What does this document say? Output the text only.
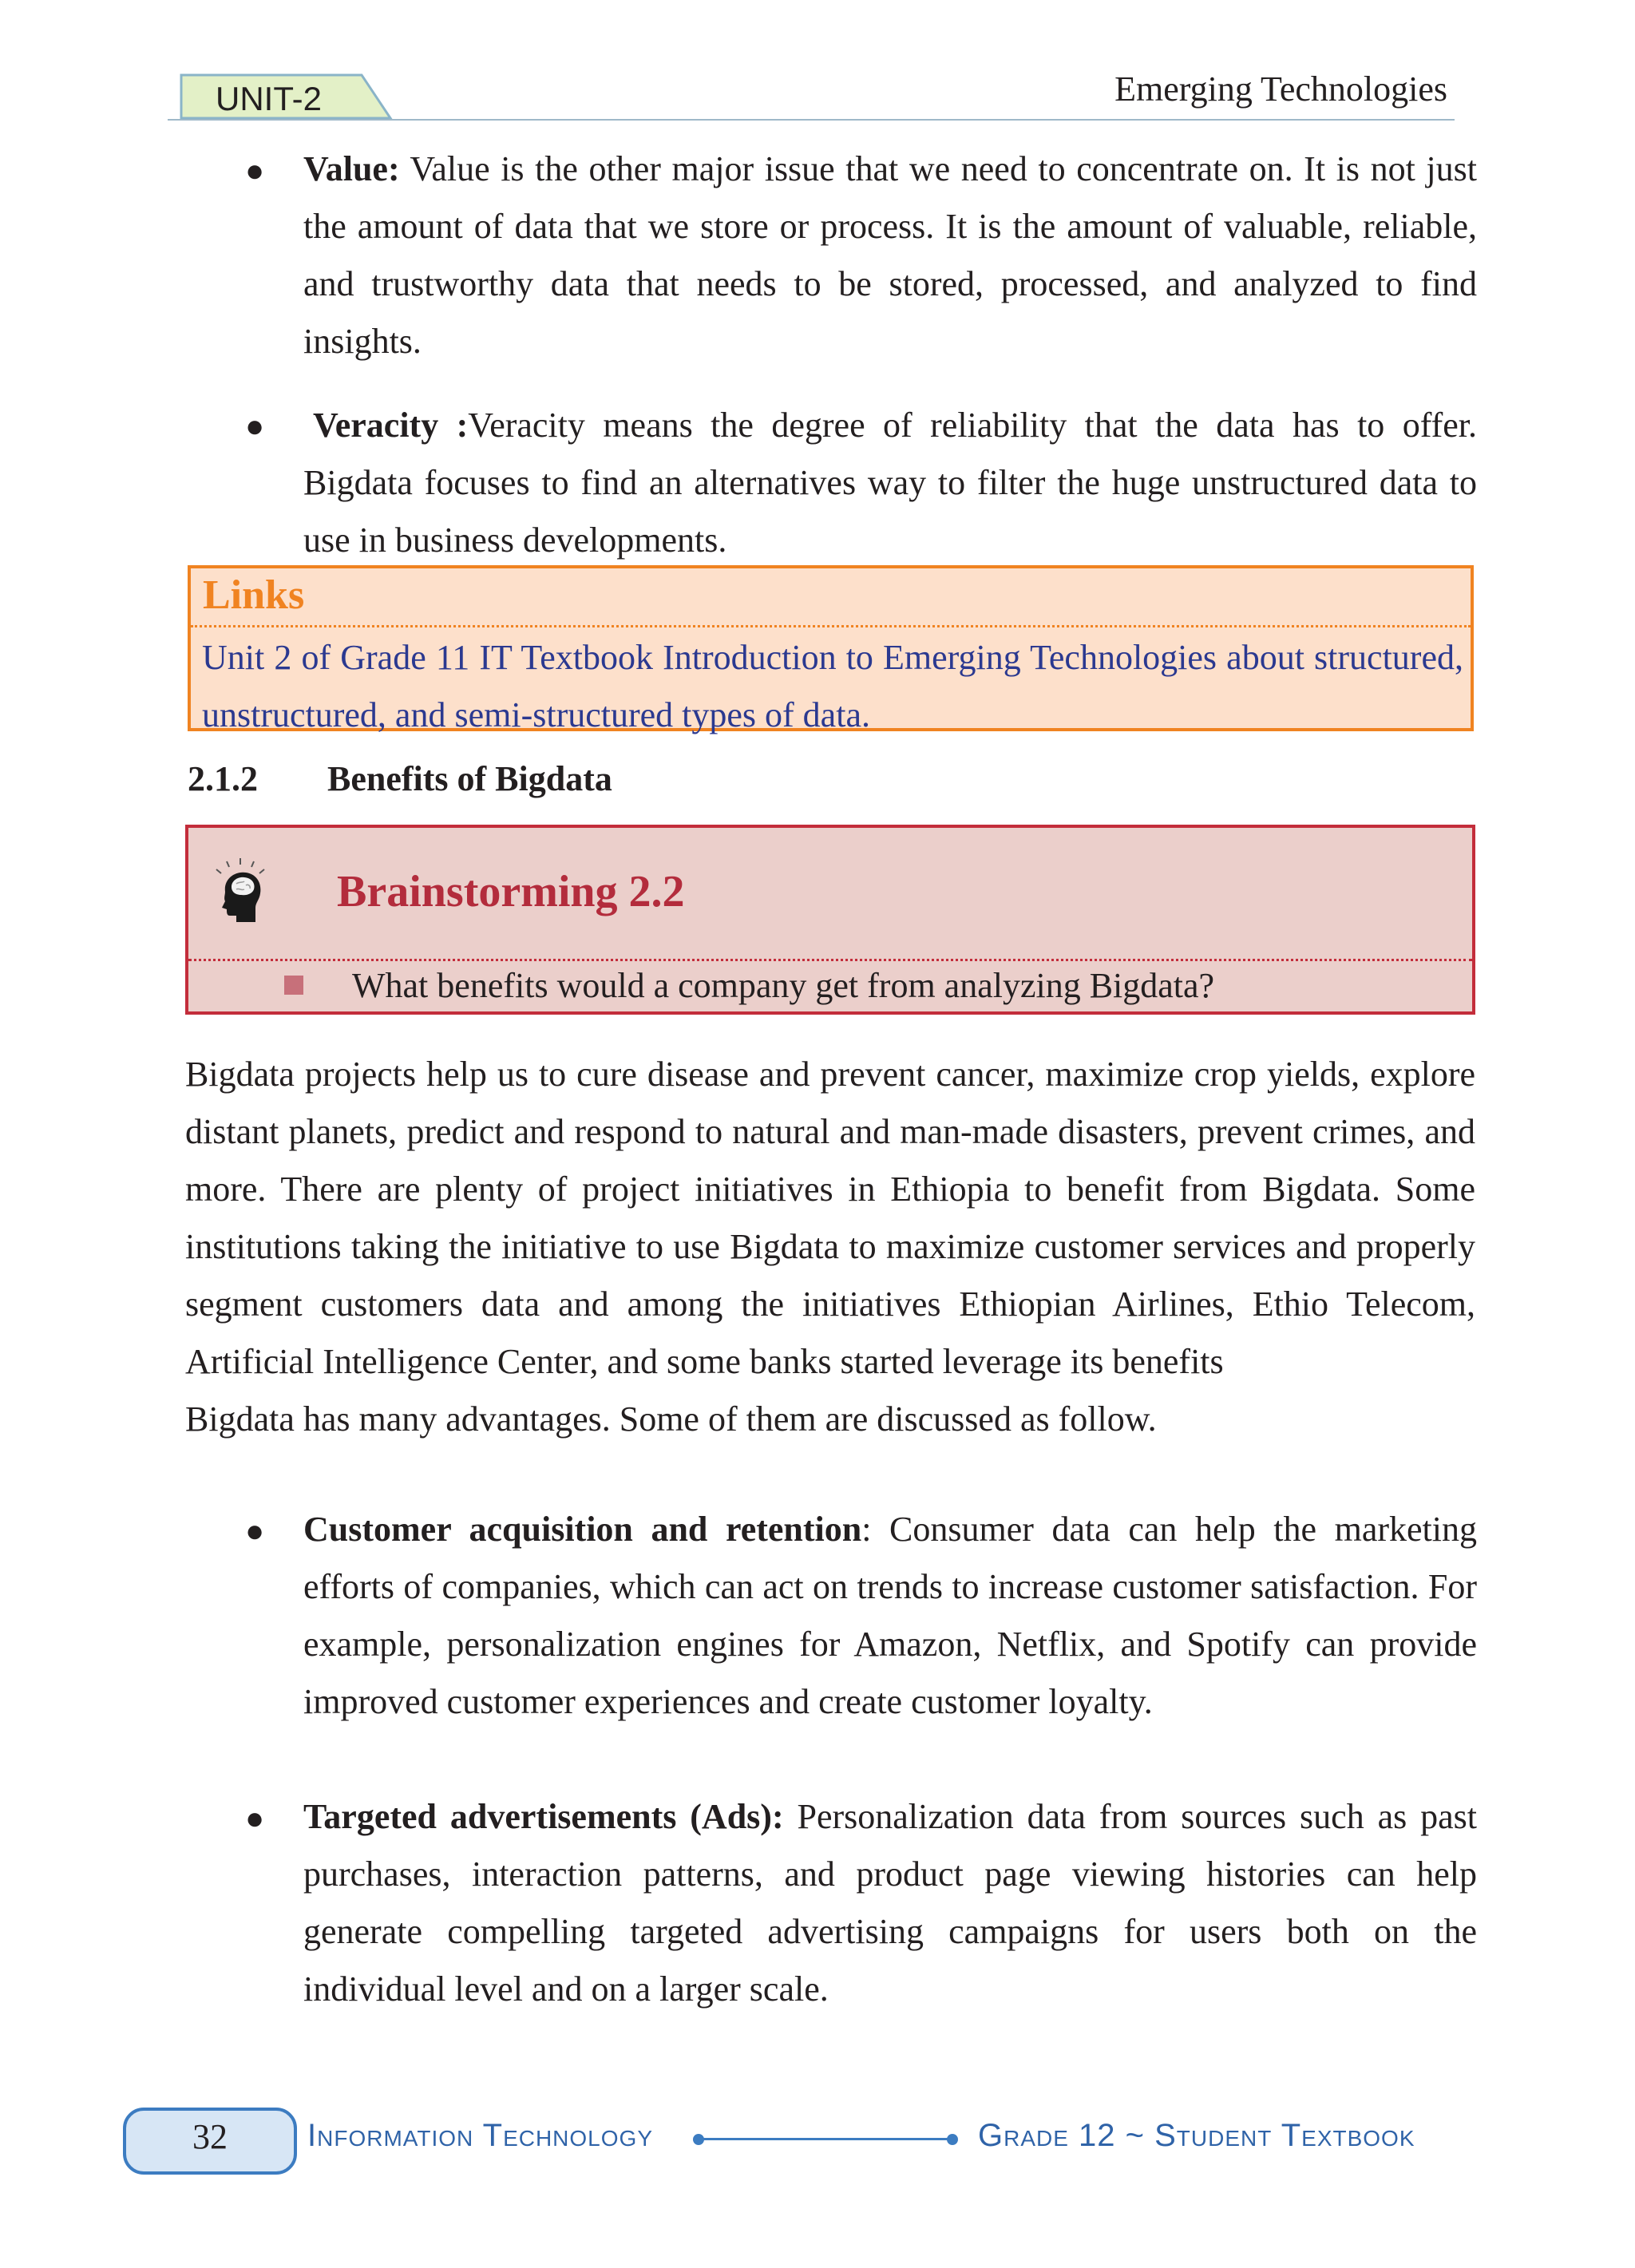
UNIT-2	Emerging Technologies
● Value: Value is the other major issue that we need to concentrate on. It is not just the amount of data that we store or process. It is the amount of valuable, reliable, and trustworthy data that needs to be stored, processed, and analyzed to find insights.
● Veracity :Veracity means the degree of reliability that the data has to offer. Bigdata focuses to find an alternatives way to filter the huge unstructured data to use in business developments.
Links
Unit 2 of Grade 11 IT Textbook Introduction to Emerging Technologies about structured, unstructured, and semi-structured types of data.
2.1.2 Benefits of Bigdata
Brainstorming 2.2
What benefits would a company get from analyzing Bigdata?
Bigdata projects help us to cure disease and prevent cancer, maximize crop yields, explore distant planets, predict and respond to natural and man-made disasters, prevent crimes, and more. There are plenty of project initiatives in Ethiopia to benefit from Bigdata. Some institutions taking the initiative to use Bigdata to maximize customer services and properly segment customers data and among the initiatives Ethiopian Airlines, Ethio Telecom, Artificial Intelligence Center, and some banks started leverage its benefits
Bigdata has many advantages. Some of them are discussed as follow.
● Customer acquisition and retention: Consumer data can help the marketing efforts of companies, which can act on trends to increase customer satisfaction. For example, personalization engines for Amazon, Netflix, and Spotify can provide improved customer experiences and create customer loyalty.
● Targeted advertisements (Ads): Personalization data from sources such as past purchases, interaction patterns, and product page viewing histories can help generate compelling targeted advertising campaigns for users both on the individual level and on a larger scale.
32	Information Technology	Grade 12 ~ Student Textbook
